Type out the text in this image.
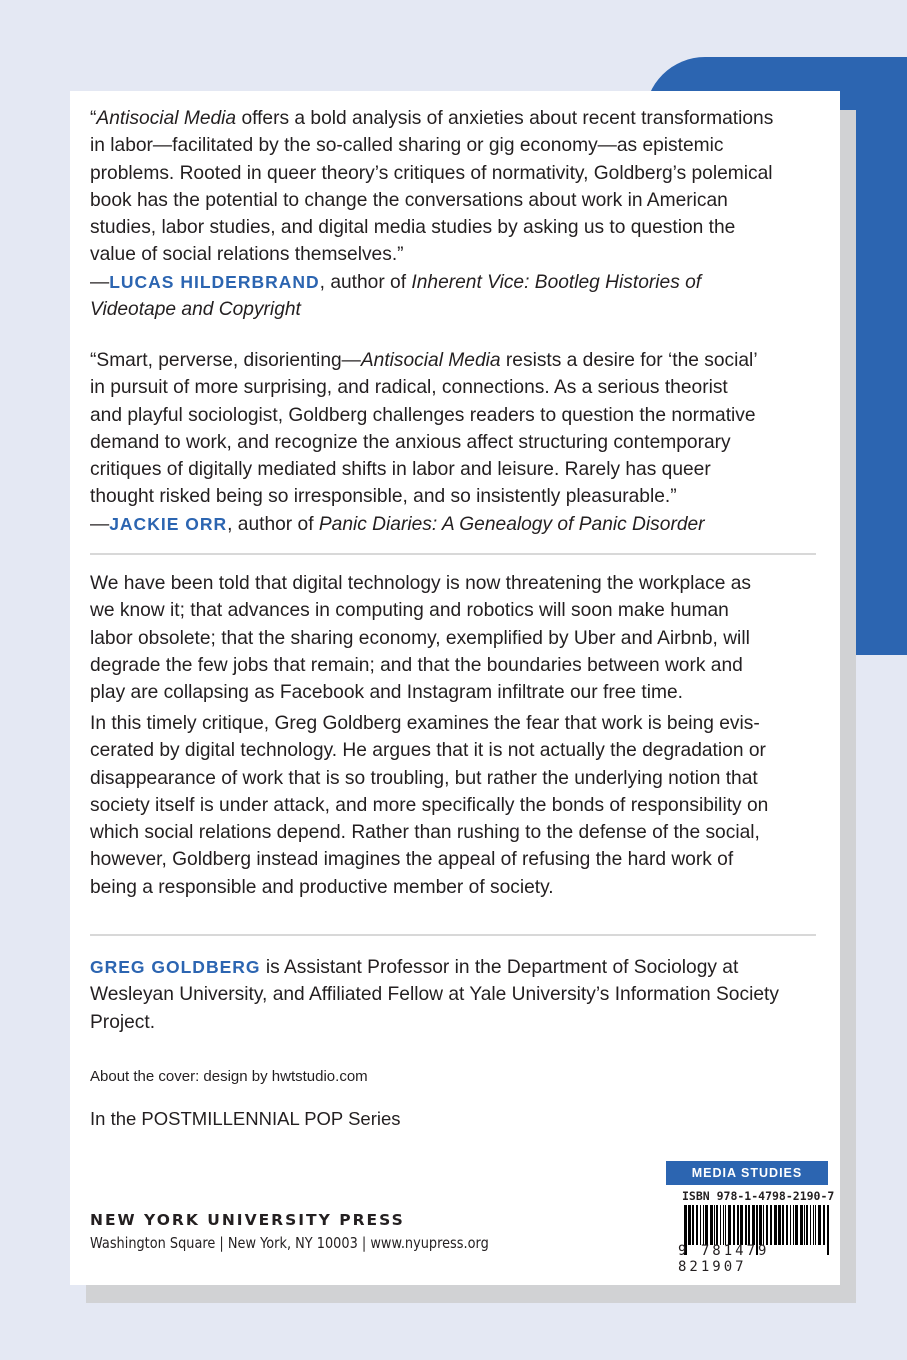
“Antisocial Media offers a bold analysis of anxieties about recent transformations
in labor—facilitated by the so-called sharing or gig economy—as epistemic
problems. Rooted in queer theory’s critiques of normativity, Goldberg’s polemical
book has the potential to change the conversations about work in American
studies, labor studies, and digital media studies by asking us to question the
value of social relations themselves.”
—LUCAS HILDERBRAND, author of Inherent Vice: Bootleg Histories of
Videotape and Copyright
“Smart, perverse, disorienting—Antisocial Media resists a desire for ‘the social’
in pursuit of more surprising, and radical, connections. As a serious theorist
and playful sociologist, Goldberg challenges readers to question the normative
demand to work, and recognize the anxious affect structuring contemporary
critiques of digitally mediated shifts in labor and leisure. Rarely has queer
thought risked being so irresponsible, and so insistently pleasurable.”
—JACKIE ORR, author of Panic Diaries: A Genealogy of Panic Disorder
We have been told that digital technology is now threatening the workplace as
we know it; that advances in computing and robotics will soon make human
labor obsolete; that the sharing economy, exemplified by Uber and Airbnb, will
degrade the few jobs that remain; and that the boundaries between work and
play are collapsing as Facebook and Instagram infiltrate our free time.
In this timely critique, Greg Goldberg examines the fear that work is being evis-
cerated by digital technology. He argues that it is not actually the degradation or
disappearance of work that is so troubling, but rather the underlying notion that
society itself is under attack, and more specifically the bonds of responsibility on
which social relations depend. Rather than rushing to the defense of the social,
however, Goldberg instead imagines the appeal of refusing the hard work of
being a responsible and productive member of society.
GREG GOLDBERG is Assistant Professor in the Department of Sociology at
Wesleyan University, and Affiliated Fellow at Yale University’s Information Society
Project.
About the cover: design by hwtstudio.com
In the POSTMILLENNIAL POP Series
NEW YORK UNIVERSITY PRESS
Washington Square | New York, NY 10003 | www.nyupress.org
MEDIA STUDIES
ISBN 978-1-4798-2190-7
9 781479 821907
